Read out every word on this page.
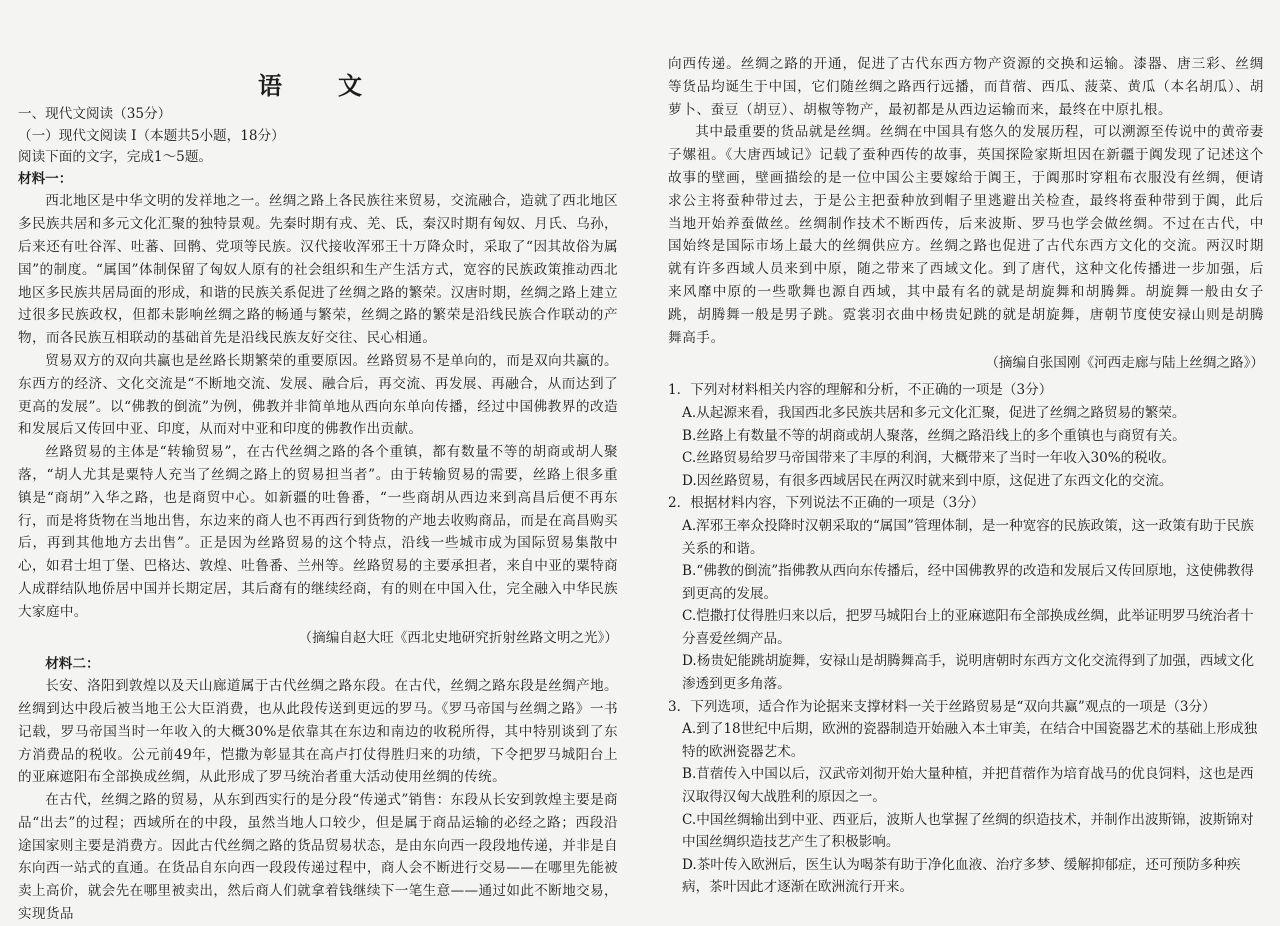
语　文
一、现代文阅读（35分）
（一）现代文阅读 I（本题共5小题，18分）
阅读下面的文字，完成1～5题。
材料一：

西北地区是中华文明的发祥地之一。丝绸之路上各民族往来贸易，交流融合，造就了西北地区多民族共居和多元文化汇聚的独特景观。先秦时期有戎、羌、氐，秦汉时期有匈奴、月氏、乌孙，后来还有吐谷浑、吐蕃、回鹘、党项等民族。汉代接收浑邪王十万降众时，采取了“因其故俗为属国”的制度。“属国”体制保留了匈奴人原有的社会组织和生产生活方式，宽容的民族政策推动西北地区多民族共居局面的形成，和谐的民族关系促进了丝绸之路的繁荣。汉唐时期，丝绸之路上建立过很多民族政权，但都未影响丝绸之路的畅通与繁荣，丝绸之路的繁荣是沿线民族合作联动的产物，而各民族互相联动的基础首先是沿线民族友好交往、民心相通。

贸易双方的双向共赢也是丝路长期繁荣的重要原因。丝路贸易不是单向的，而是双向共赢的。东西方的经济、文化交流是“不断地交流、发展、融合后，再交流、再发展、再融合，从而达到了更高的发展”。以“佛教的倒流”为例，佛教并非简单地从西向东单向传播，经过中国佛教界的改造和发展后又传回中亚、印度，从而对中亚和印度的佛教作出贡献。

丝路贸易的主体是“转输贸易”，在古代丝绸之路的各个重镇，都有数量不等的胡商或胡人聚落，“胡人尤其是粟特人充当了丝绸之路上的贸易担当者”。由于转输贸易的需要，丝路上很多重镇是“商胡”入华之路，也是商贸中心。如新疆的吐鲁番，“一些商胡从西边来到高昌后便不再东行，而是将货物在当地出售，东边来的商人也不再西行到货物的产地去收购商品，而是在高昌购买后，再到其他地方去出售”。正是因为丝路贸易的这个特点，沿线一些城市成为国际贸易集散中心，如君士坦丁堡、巴格达、敦煌、吐鲁番、兰州等。丝路贸易的主要承担者，来自中亚的粟特商人成群结队地侨居中国并长期定居，其后裔有的继续经商，有的则在中国入仕，完全融入中华民族大家庭中。

（摘编自赵大旺《西北史地研究折射丝路文明之光》）
材料二：

长安、洛阳到敦煌以及天山廊道属于古代丝绸之路东段。在古代，丝绸之路东段是丝绸产地。丝绸到达中段后被当地王公大臣消费，也从此段传送到更远的罗马。《罗马帝国与丝绸之路》一书记载，罗马帝国当时一年收入的大概30%是依靠其在东边和南边的收税所得，其中特别谈到了东方消费品的税收。公元前49年，恺撒为彰显其在高卢打仗得胜归来的功绩，下令把罗马城阳台上的亚麻遮阳布全部换成丝绸，从此形成了罗马统治者重大活动使用丝绸的传统。

在古代，丝绸之路的贸易，从东到西实行的是分段“传递式”销售：东段从长安到敦煌主要是商品“出去”的过程；西域所在的中段，虽然当地人口较少，但是属于商品运输的必经之路；西段沿途国家则主要是消费方。因此古代丝绸之路的货品贸易状态，是由东向西一段段地传递，并非是自东向西一站式的直通。在货品自东向西一段段传递过程中，商人会不断进行交易——在哪里先能被卖上高价，就会先在哪里被卖出，然后商人们就拿着钱继续下一笔生意——通过如此不断地交易，实现货品

向西传递。丝绸之路的开通，促进了古代东西方物产资源的交换和运输。漆器、唐三彩、丝绸等货品均诞生于中国，它们随丝绸之路西行远播，而苜蓿、西瓜、菠菜、黄瓜（本名胡瓜）、胡萝卜、蚕豆（胡豆）、胡椒等物产，最初都是从西边运输而来，最终在中原扎根。

其中最重要的货品就是丝绸。丝绸在中国具有悠久的发展历程，可以溯源至传说中的黄帝妻子嫘祖。《大唐西域记》记载了蚕种西传的故事，英国探险家斯坦因在新疆于阗发现了记述这个故事的壁画，壁画描绘的是一位中国公主要嫁给于阗王，于阗那时穿粗布衣服没有丝绸，便请求公主将蚕种带过去，于是公主把蚕种放到帽子里逃避出关检查，最终将蚕种带到于阗，此后当地开始养蚕做丝。丝绸制作技术不断西传，后来波斯、罗马也学会做丝绸。不过在古代，中国始终是国际市场上最大的丝绸供应方。丝绸之路也促进了古代东西方文化的交流。两汉时期就有许多西域人员来到中原，随之带来了西域文化。到了唐代，这种文化传播进一步加强，后来风靡中原的一些歌舞也源自西域，其中最有名的就是胡旋舞和胡腾舞。胡旋舞一般由女子跳，胡腾舞一般是男子跳。霓裳羽衣曲中杨贵妃跳的就是胡旋舞，唐朝节度使安禄山则是胡腾舞高手。

（摘编自张国刚《河西走廊与陆上丝绸之路》）
1．下列对材料相关内容的理解和分析，不正确的一项是（3分）
A.从起源来看，我国西北多民族共居和多元文化汇聚，促进了丝绸之路贸易的繁荣。
B.丝路上有数量不等的胡商或胡人聚落，丝绸之路沿线上的多个重镇也与商贸有关。
C.丝路贸易给罗马帝国带来了丰厚的利润，大概带来了当时一年收入30%的税收。
D.因丝路贸易，有很多西域居民在两汉时就来到中原，这促进了东西文化的交流。
2．根据材料内容，下列说法不正确的一项是（3分）
A.浑邪王率众投降时汉朝采取的“属国”管理体制，是一种宽容的民族政策，这一政策有助于民族关系的和谐。
B.“佛教的倒流”指佛教从西向东传播后，经中国佛教界的改造和发展后又传回原地，这使佛教得到更高的发展。
C.恺撒打仗得胜归来以后，把罗马城阳台上的亚麻遮阳布全部换成丝绸，此举证明罗马统治者十分喜爱丝绸产品。
D.杨贵妃能跳胡旋舞，安禄山是胡腾舞高手，说明唐朝时东西方文化交流得到了加强，西域文化渗透到更多角落。
3．下列选项，适合作为论据来支撑材料一关于丝路贸易是“双向共赢”观点的一项是（3分）
A.到了18世纪中后期，欧洲的瓷器制造开始融入本土审美，在结合中国瓷器艺术的基础上形成独特的欧洲瓷器艺术。
B.苜蓿传入中国以后，汉武帝刘彻开始大量种植，并把苜蓿作为培育战马的优良饲料，这也是西汉取得汉匈大战胜利的原因之一。
C.中国丝绸输出到中亚、西亚后，波斯人也掌握了丝绸的织造技术，并制作出波斯锦，波斯锦对中国丝绸织造技艺产生了积极影响。
D.茶叶传入欧洲后，医生认为喝茶有助于净化血液、治疗多梦、缓解抑郁症，还可预防多种疾病，茶叶因此才逐渐在欧洲流行开来。
